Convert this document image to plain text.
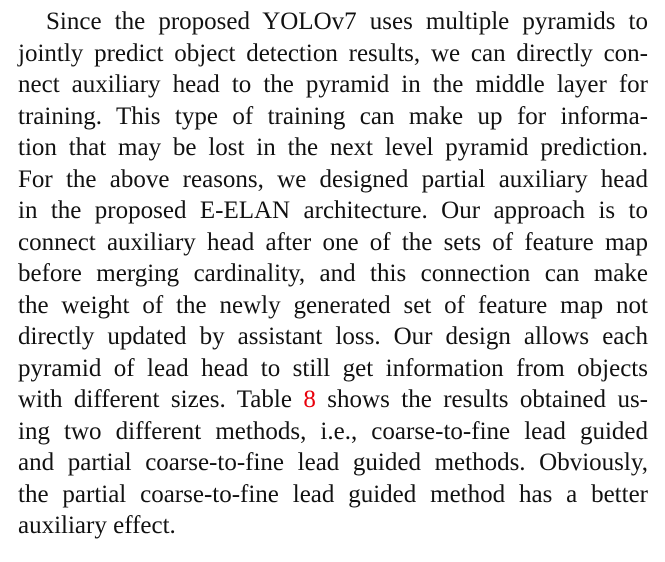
Since the proposed YOLOv7 uses multiple pyramids to
jointly predict object detection results, we can directly con-
nect auxiliary head to the pyramid in the middle layer for
training. This type of training can make up for informa-
tion that may be lost in the next level pyramid prediction.
For the above reasons, we designed partial auxiliary head
in the proposed E-ELAN architecture. Our approach is to
connect auxiliary head after one of the sets of feature map
before merging cardinality, and this connection can make
the weight of the newly generated set of feature map not
directly updated by assistant loss. Our design allows each
pyramid of lead head to still get information from objects
with different sizes. Table 8 shows the results obtained us-
ing two different methods, i.e., coarse-to-fine lead guided
and partial coarse-to-fine lead guided methods. Obviously,
the partial coarse-to-fine lead guided method has a better
auxiliary effect.
